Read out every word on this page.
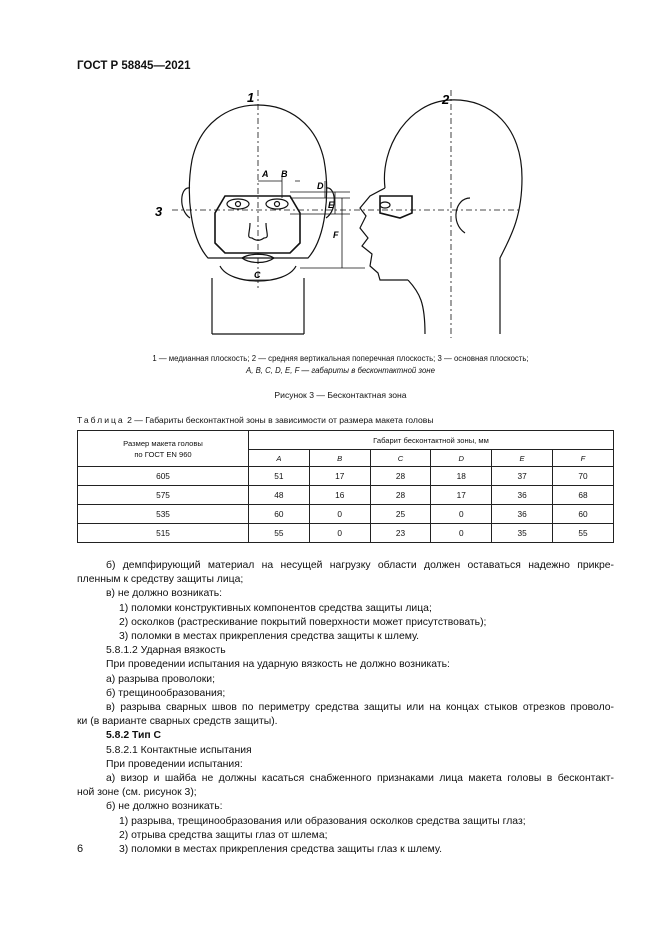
ГОСТ Р 58845—2021
1	2
3
A B
C
D
E
F
1 — медианная плоскость; 2 — средняя вертикальная поперечная плоскость; 3 — основная плоскость;
A, B, C, D, E, F — габариты в бесконтактной зоне
Рисунок 3 — Бесконтактная зона
Таблица 2 — Габариты бесконтактной зоны в зависимости от размера макета головы
Размер макета головы
по ГОСТ EN 960	Габарит бесконтактной зоны, мм					
	A	B	C	D	E	F
605	51	17	28	18	37	70
575	48	16	28	17	36	68
535	60	0	25	0	36	60
515	55	0	23	0	35	55

б) демпфирующий материал на несущей нагрузку области должен оставаться надежно прикре-

пленным к средству защиты лица;

в) не должно возникать:

1) поломки конструктивных компонентов средства защиты лица;

2) осколков (растрескивание покрытий поверхности может присутствовать);

3) поломки в местах прикрепления средства защиты к шлему.

5.8.1.2 Ударная вязкость

При проведении испытания на ударную вязкость не должно возникать:

а) разрыва проволоки;

б) трещинообразования;

в) разрыва сварных швов по периметру средства защиты или на концах стыков отрезков проволо-

ки (в варианте сварных средств защиты).

5.8.2 Тип С

5.8.2.1 Контактные испытания

При проведении испытания:

а) визор и шайба не должны касаться снабженного признаками лица макета головы в бесконтакт-

ной зоне (см. рисунок 3);

б) не должно возникать:

1) разрыва, трещинообразования или образования осколков средства защиты глаз;

2) отрыва средства защиты глаз от шлема;

3) поломки в местах прикрепления средства защиты глаз к шлему.

6
